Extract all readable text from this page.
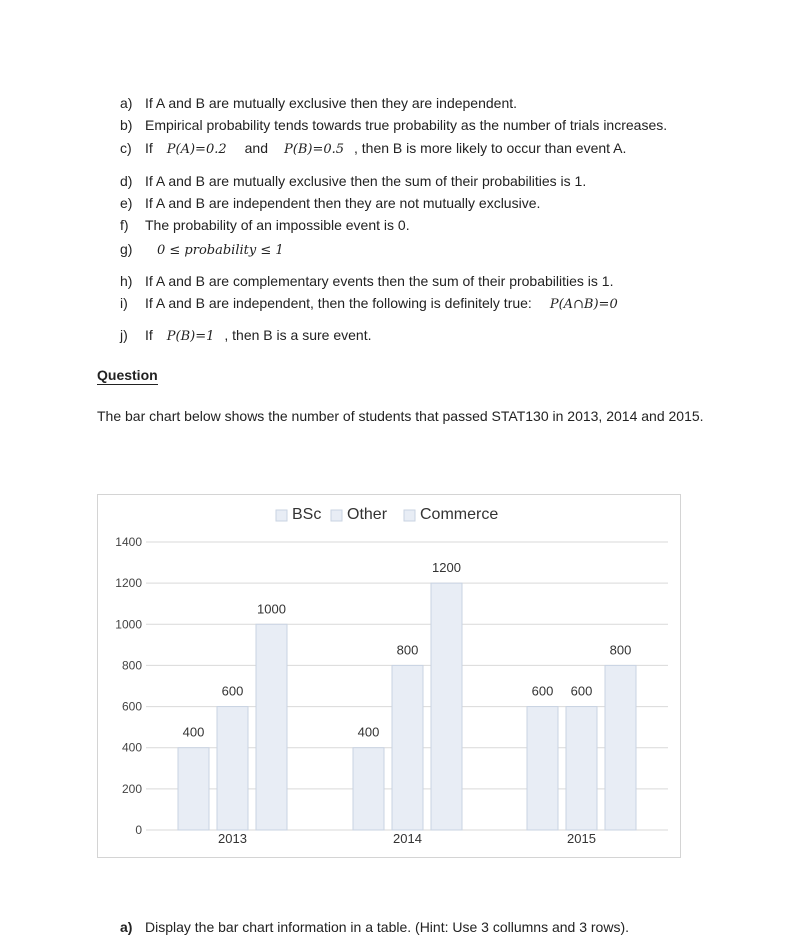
a) If A and B are mutually exclusive then they are independent.
b) Empirical probability tends towards true probability as the number of trials increases.
c) If P(A)=0.2 and P(B)=0.5 , then B is more likely to occur than event A.
d) If A and B are mutually exclusive then the sum of their probabilities is 1.
e) If A and B are independent then they are not mutually exclusive.
f) The probability of an impossible event is 0.
g) 0 ≤ probability ≤ 1
h) If A and B are complementary events then the sum of their probabilities is 1.
i) If A and B are independent, then the following is definitely true: P(A∩B)=0
j) If P(B)=1 , then B is a sure event.
Question
The bar chart below shows the number of students that passed STAT130 in 2013, 2014 and 2015.
0
200
400
600
800
1000
1200
1400
400
600
1000
2013
400
800
1200
2014
600 600
800
2015
BSc Other Commerce
a) Display the bar chart information in a table. (Hint: Use 3 collumns and 3 rows).
